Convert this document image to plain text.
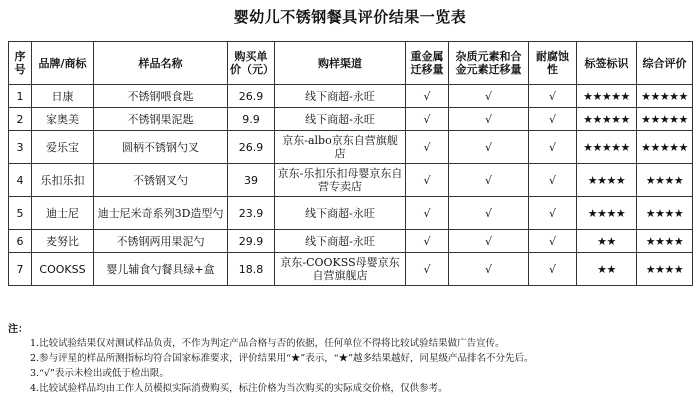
婴幼儿不锈钢餐具评价结果一览表
序号	品牌/商标	样品名称	购买单价（元）	购样渠道	重金属迁移量	杂质元素和合金元素迁移量	耐腐蚀性	标签标识	综合评价
1	日康	不锈钢喂食匙	26.9	线下商超-永旺	√	√	√	★★★★★	★★★★★
2	家奥美	不锈钢果泥匙	9.9	线下商超-永旺	√	√	√	★★★★★	★★★★★
3	爱乐宝	圆柄不锈钢勺叉	26.9	京东-albo京东自营旗舰店	√	√	√	★★★★★	★★★★★
4	乐扣乐扣	不锈钢叉勺	39	京东-乐扣乐扣母婴京东自营专卖店	√	√	√	★★★★	★★★★
5	迪士尼	迪士尼米奇系列3D造型勺	23.9	线下商超-永旺	√	√	√	★★★★	★★★★
6	麦努比	不锈钢两用果泥勺	29.9	线下商超-永旺	√	√	√	★★	★★★★
7	COOKSS	婴儿辅食勺餐具绿+盒	18.8	京东-COOKSS母婴京东自营旗舰店	√	√	√	★★	★★★★
注：
1.比较试验结果仅对测试样品负责，不作为判定产品合格与否的依据，任何单位不得将比较试验结果做广告宣传。
2.参与评星的样品所测指标均符合国家标准要求，评价结果用“★”表示，“★”越多结果越好，同星级产品排名不分先后。
3.“√”表示未检出或低于检出限。
4.比较试验样品均由工作人员模拟实际消费购买，标注价格为当次购买的实际成交价格，仅供参考。
